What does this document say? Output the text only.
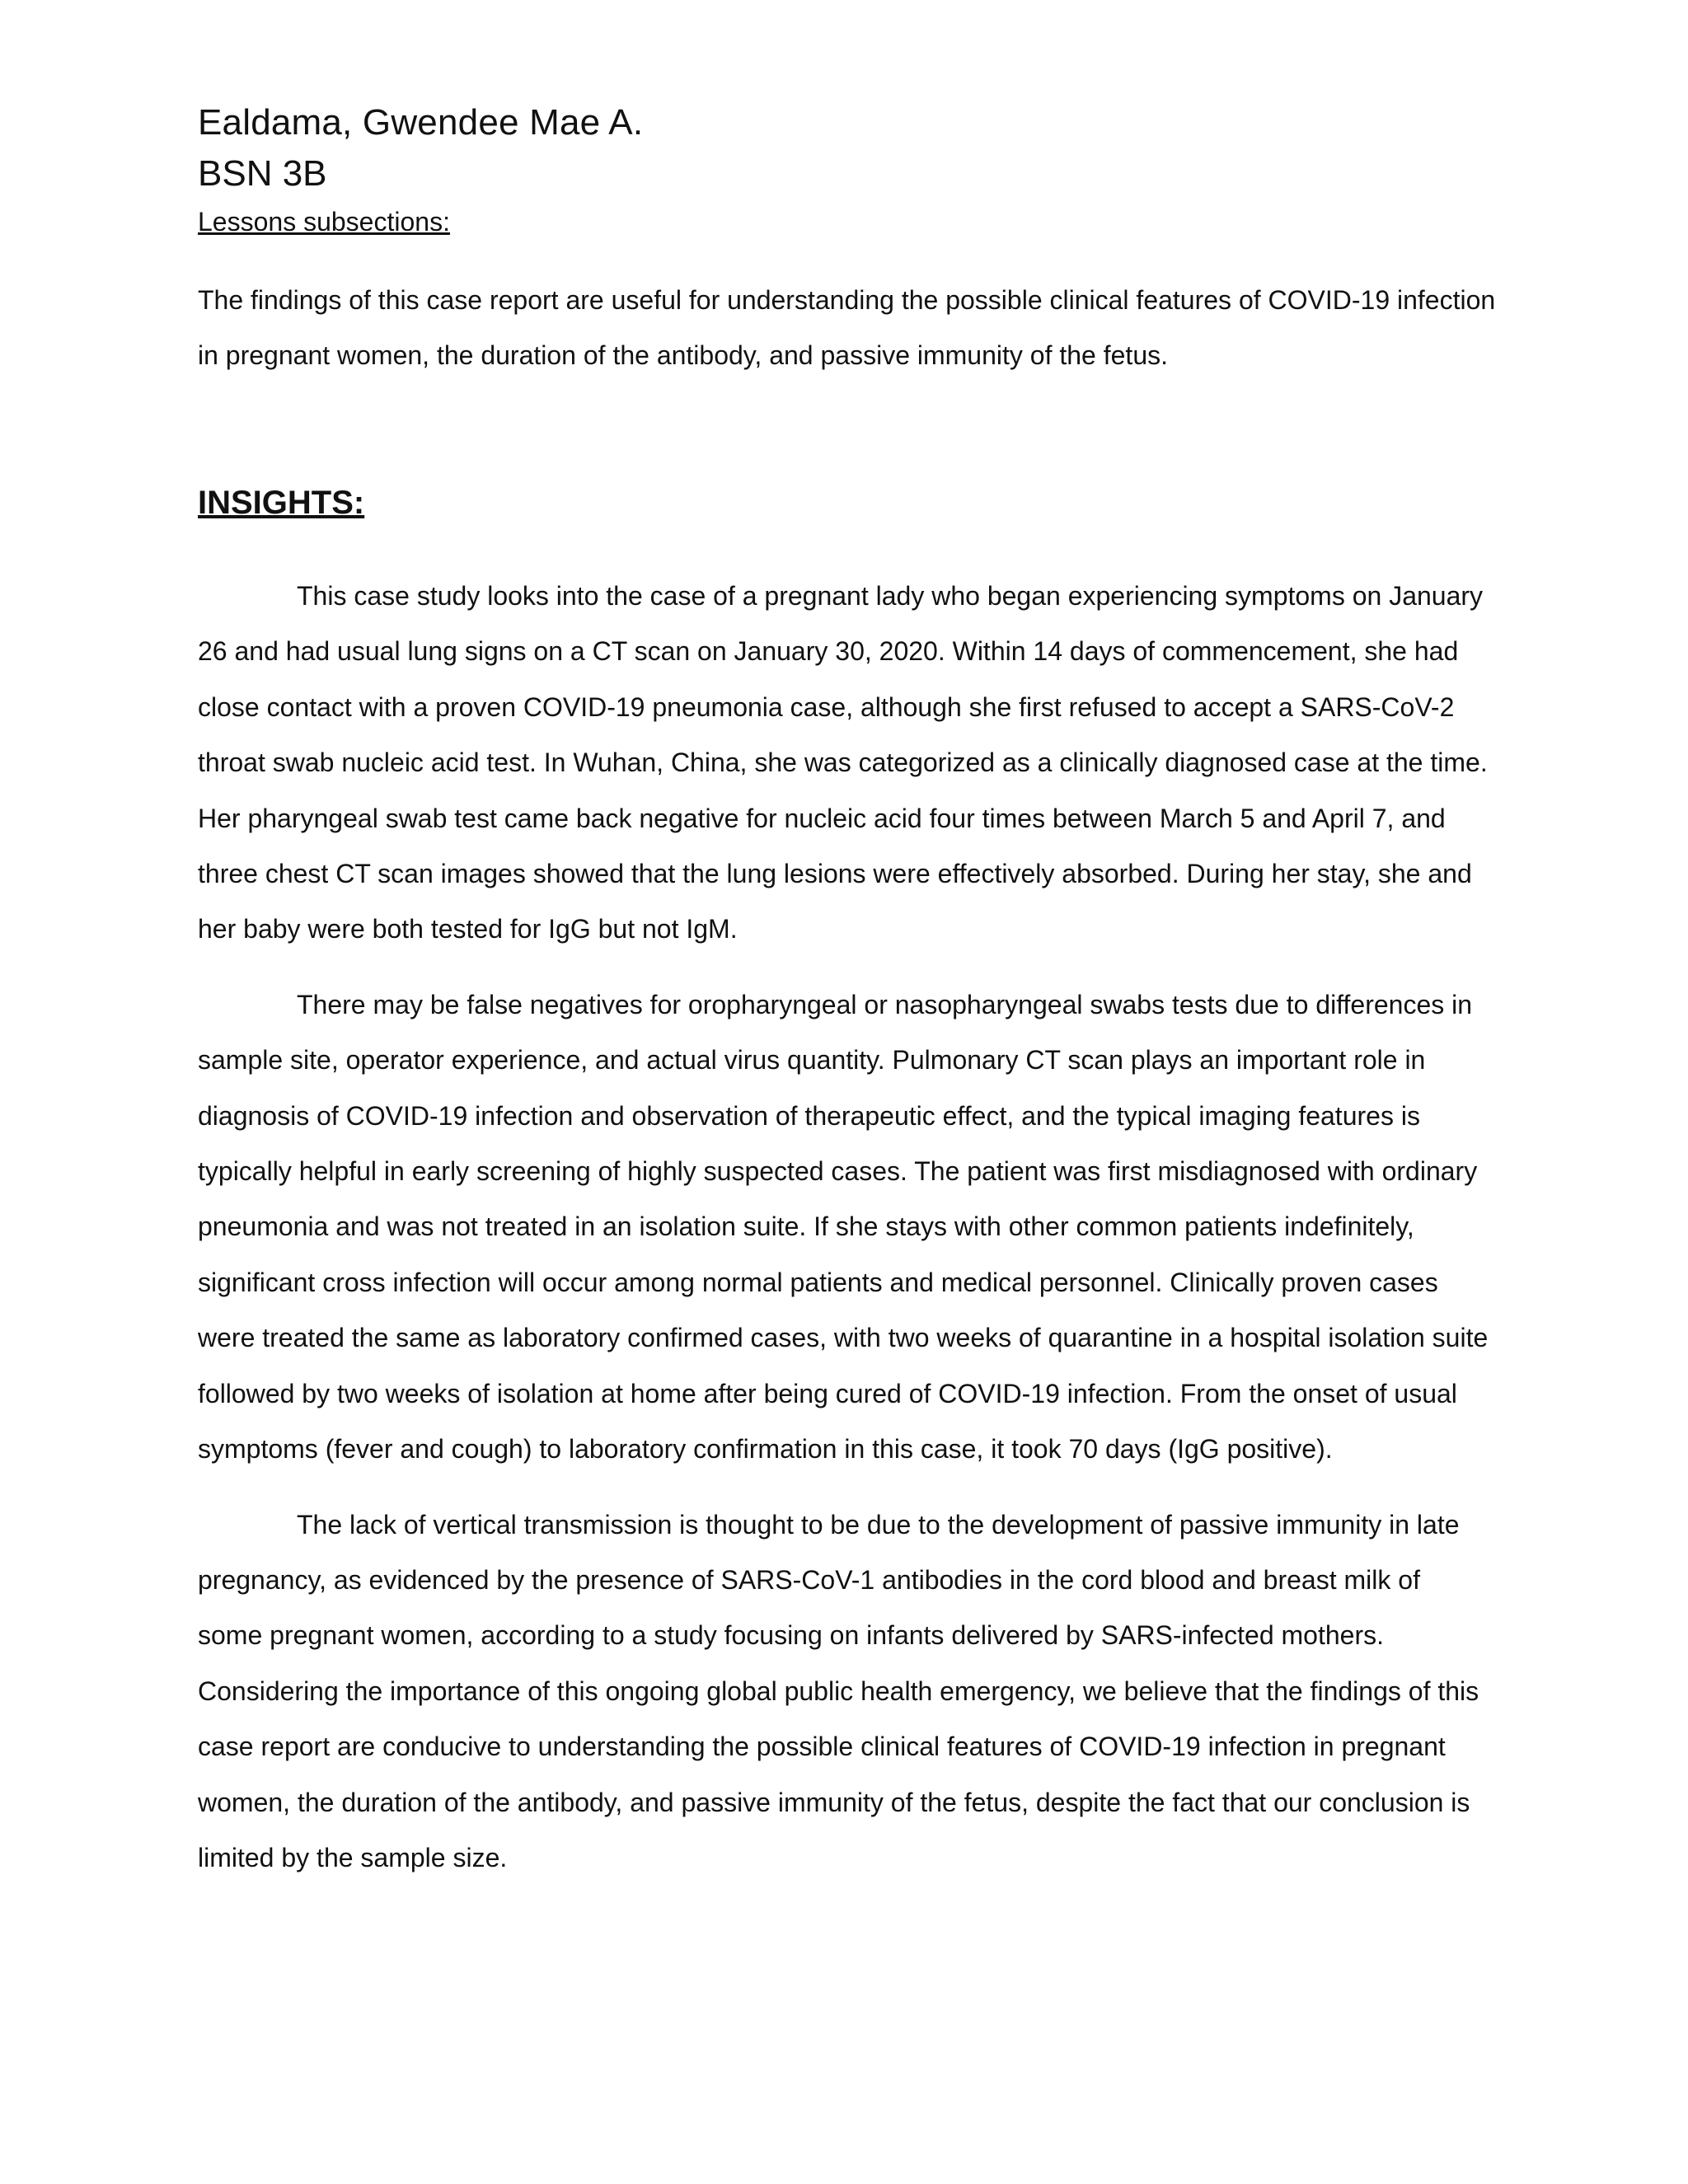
Ealdama, Gwendee Mae A.

BSN 3B

Lessons subsections:

The findings of this case report are useful for understanding the possible clinical features of COVID-19 infection in pregnant women, the duration of the antibody, and passive immunity of the fetus.

INSIGHTS:

This case study looks into the case of a pregnant lady who began experiencing symptoms on January 26 and had usual lung signs on a CT scan on January 30, 2020. Within 14 days of commencement, she had close contact with a proven COVID-19 pneumonia case, although she first refused to accept a SARS-CoV-2 throat swab nucleic acid test. In Wuhan, China, she was categorized as a clinically diagnosed case at the time. Her pharyngeal swab test came back negative for nucleic acid four times between March 5 and April 7, and three chest CT scan images showed that the lung lesions were effectively absorbed. During her stay, she and her baby were both tested for IgG but not IgM.

There may be false negatives for oropharyngeal or nasopharyngeal swabs tests due to differences in sample site, operator experience, and actual virus quantity. Pulmonary CT scan plays an important role in diagnosis of COVID-19 infection and observation of therapeutic effect, and the typical imaging features is typically helpful in early screening of highly suspected cases. The patient was first misdiagnosed with ordinary pneumonia and was not treated in an isolation suite. If she stays with other common patients indefinitely, significant cross infection will occur among normal patients and medical personnel. Clinically proven cases were treated the same as laboratory confirmed cases, with two weeks of quarantine in a hospital isolation suite followed by two weeks of isolation at home after being cured of COVID-19 infection. From the onset of usual symptoms (fever and cough) to laboratory confirmation in this case, it took 70 days (IgG positive).

The lack of vertical transmission is thought to be due to the development of passive immunity in late pregnancy, as evidenced by the presence of SARS-CoV-1 antibodies in the cord blood and breast milk of some pregnant women, according to a study focusing on infants delivered by SARS-infected mothers. Considering the importance of this ongoing global public health emergency, we believe that the findings of this case report are conducive to understanding the possible clinical features of COVID-19 infection in pregnant women, the duration of the antibody, and passive immunity of the fetus, despite the fact that our conclusion is limited by the sample size.
